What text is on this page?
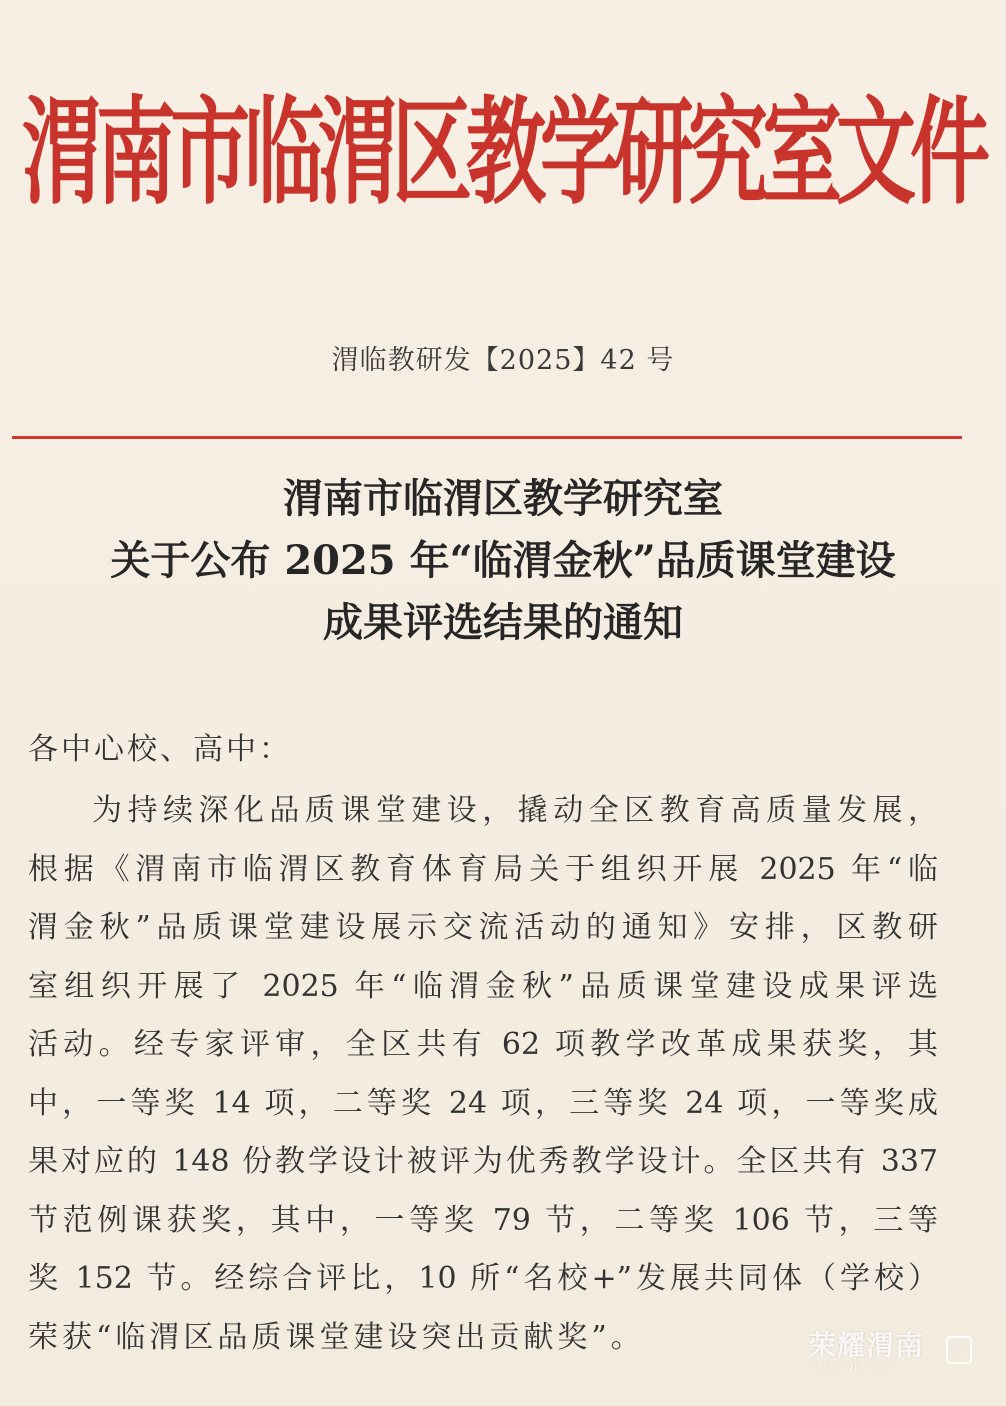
渭南市临渭区教学研究室文件
渭临教研发【2025】42 号
渭南市临渭区教学研究室
关于公布 2025 年“临渭金秋”品质课堂建设
成果评选结果的通知
各中心校、高中：
为持续深化品质课堂建设，撬动全区教育高质量发展，
根据《渭南市临渭区教育体育局关于组织开展 2025 年“临
渭金秋”品质课堂建设展示交流活动的通知》安排，区教研
室组织开展了 2025 年“临渭金秋”品质课堂建设成果评选
活动。经专家评审，全区共有 62 项教学改革成果获奖，其
中，一等奖 14 项，二等奖 24 项，三等奖 24 项，一等奖成
果对应的 148 份教学设计被评为优秀教学设计。全区共有 337
节范例课获奖，其中，一等奖 79 节，二等奖 106 节，三等
奖 152 节。经综合评比，10 所“名校+”发展共同体（学校）
荣获“临渭区品质课堂建设突出贡献奖”。	荣耀渭南
YEWN.CN
APP
